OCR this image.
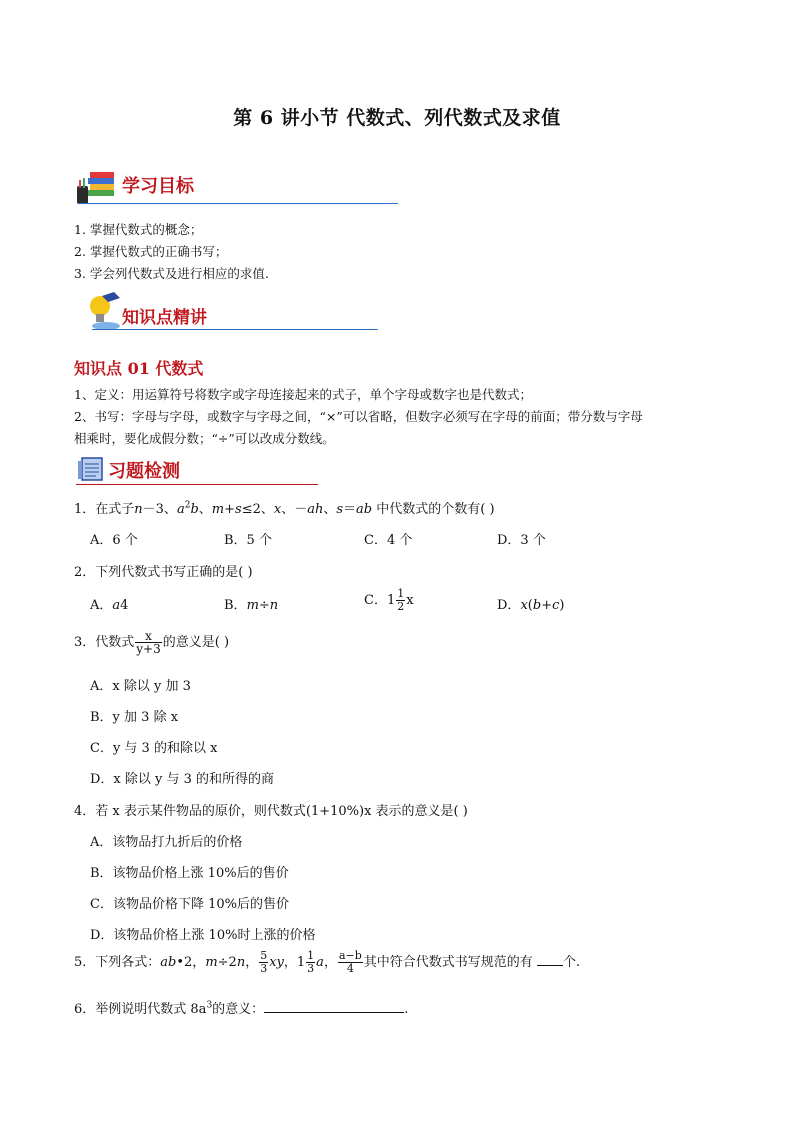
第 6 讲小节 代数式、列代数式及求值
学习目标
1. 掌握代数式的概念；
2. 掌握代数式的正确书写；
3. 学会列代数式及进行相应的求值.
知识点精讲
知识点 01 代数式
1、定义：用运算符号将数字或字母连接起来的式子，单个字母或数字也是代数式；
2、书写：字母与字母，或数字与字母之间，“×”可以省略，但数字必须写在字母的前面；带分数与字母
相乘时，要化成假分数；“÷”可以改成分数线。
习题检测
1．在式子n－3、$a^2b$、m+s≤2、x、－ah、s＝ab 中代数式的个数有( )
A．6 个	B．5 个	C．4 个	D．3 个
2．下列代数式书写正确的是( )
A．a4	B．m÷n	C．$1 \frac{1}{2}$ x	D．x(b+c)
3．代数式 $\frac{x}{y+3}$ 的意义是( )
A．x 除以 y 加 3
B．y 加 3 除 x
C．y 与 3 的和除以 x
D．x 除以 y 与 3 的和所得的商
4．若 x 表示某件物品的原价，则代数式(1+10%)x 表示的意义是( )
A．该物品打九折后的价格
B．该物品价格上涨 10%后的售价
C．该物品价格下降 10%后的售价
D．该物品价格上涨 10%时上涨的价格
5．下列各式：ab•2，m÷2n， $\frac{5}{3}$ xy，$1 \frac{1}{3}$ a， $\frac{a-b}{4}$ 其中符合代数式书写规范的有 个.
6．举例说明代数式 $8a^3$的意义：	.
